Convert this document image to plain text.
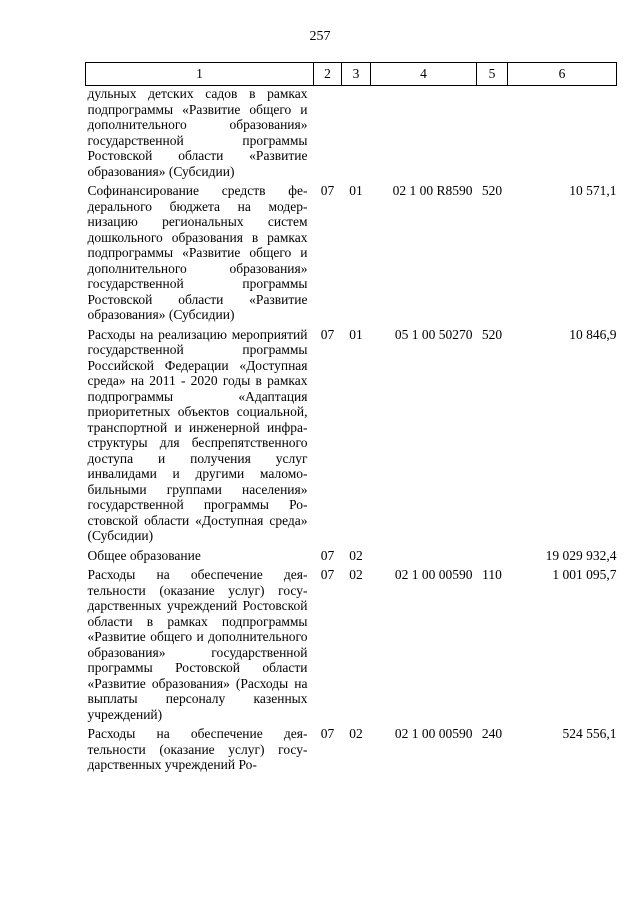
257
1	2	3	4	5	6
дульных детских садов в рамках подпрограммы «Развитие общего и дополнительного образования» государственной программы Ростовской области «Развитие образования» (Субсидии)					
Софинансирование средств федерального бюджета на модернизацию региональных систем дошкольного образования в рамках подпрограммы «Развитие общего и дополнительного образования» государственной программы Ростовской области «Развитие образования» (Субсидии)	07	01	02 1 00 R8590	520	10 571,1
Расходы на реализацию мероприятий государственной программы Российской Федерации «Доступная среда» на 2011 - 2020 годы в рамках подпрограммы «Адаптация приоритетных объектов социальной, транспортной и инженерной инфраструктуры для беспрепятственного доступа и получения услуг инвалидами и другими маломобильными группами населения» государственной программы Ростовской области «Доступная среда» (Субсидии)	07	01	05 1 00 50270	520	10 846,9
Общее образование	07	02			19 029 932,4
Расходы на обеспечение деятельности (оказание услуг) государственных учреждений Ростовской области в рамках подпрограммы «Развитие общего и дополнительного образования» государственной программы Ростовской области «Развитие образования» (Расходы на выплаты персоналу казенных учреждений)	07	02	02 1 00 00590	110	1 001 095,7
Расходы на обеспечение деятельности (оказание услуг) государственных учреждений Ро-	07	02	02 1 00 00590	240	524 556,1
